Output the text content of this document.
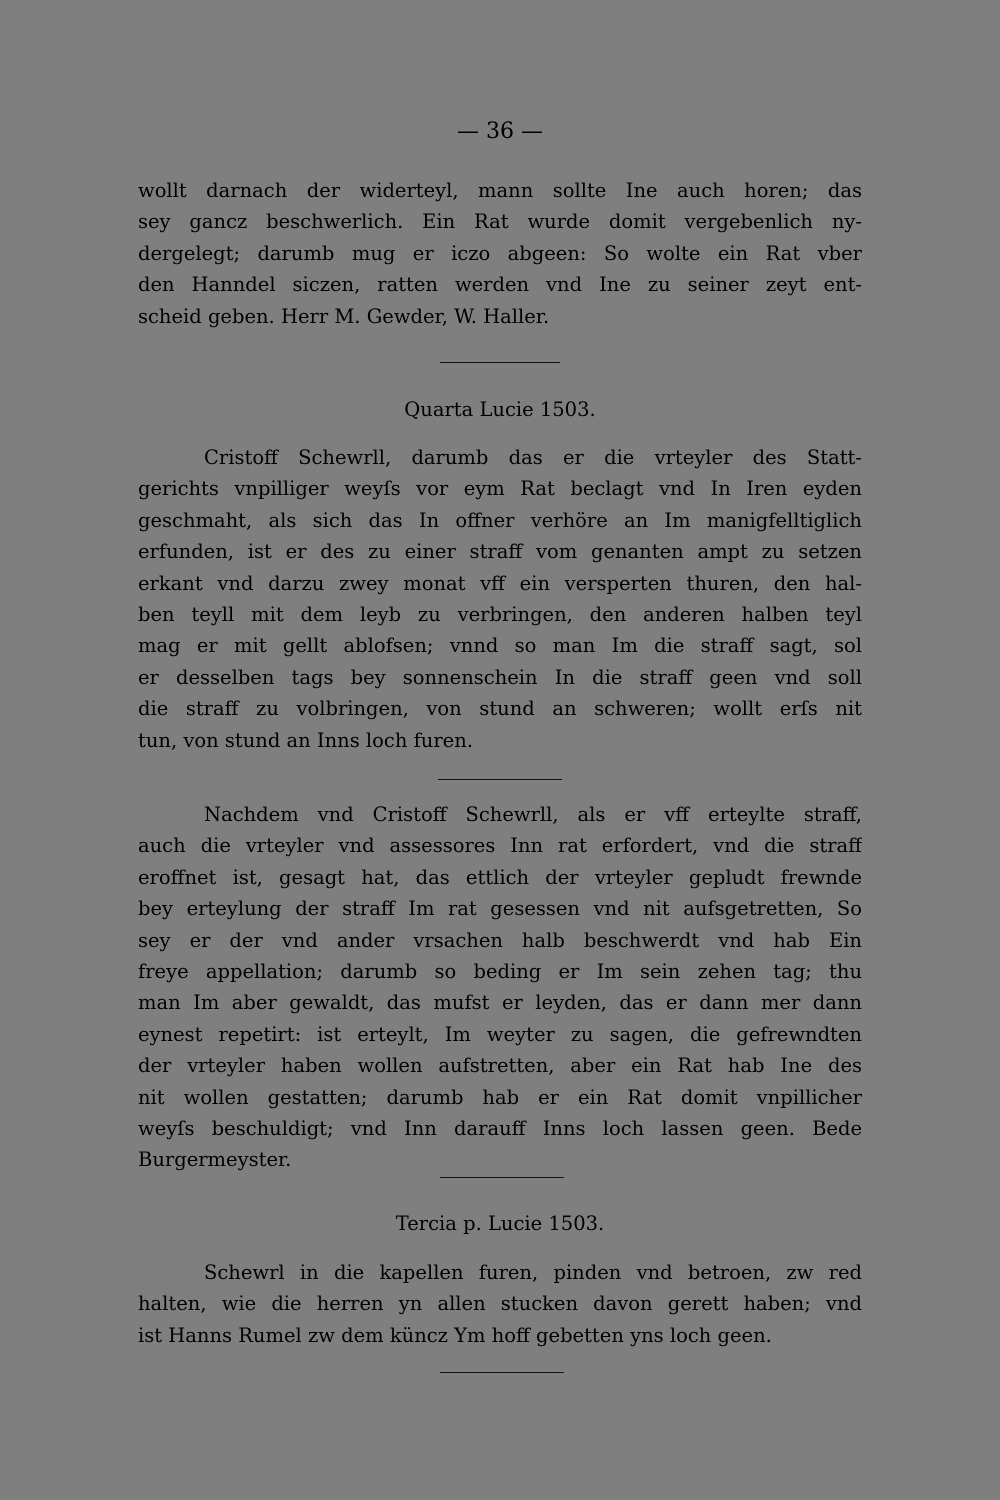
— 36 —
wollt darnach der widerteyl, mann sollte Ine auch horen; das
sey gancz beschwerlich. Ein Rat wurde domit vergebenlich ny-
dergelegt; darumb mug er iczo abgeen: So wolte ein Rat vber
den Hanndel siczen, ratten werden vnd Ine zu seiner zeyt ent-
scheid geben. Herr M. Gewder, W. Haller.
Quarta Lucie 1503.
Cristoff Schewrll, darumb das er die vrteyler des Statt-
gerichts vnpilliger weyſs vor eym Rat beclagt vnd In Iren eyden
geschmaht, als sich das In offner verhöre an Im manigfelltiglich
erfunden, ist er des zu einer straff vom genanten ampt zu setzen
erkant vnd darzu zwey monat vff ein versperten thuren, den hal-
ben teyll mit dem leyb zu verbringen, den anderen halben teyl
mag er mit gellt ablofsen; vnnd so man Im die straff sagt, sol
er desselben tags bey sonnenschein In die straff geen vnd soll
die straff zu volbringen, von stund an schweren; wollt erſs nit
tun, von stund an Inns loch furen.
Nachdem vnd Cristoff Schewrll, als er vff erteylte straff,
auch die vrteyler vnd assessores Inn rat erfordert, vnd die straff
eroffnet ist, gesagt hat, das ettlich der vrteyler gepludt frewnde
bey erteylung der straff Im rat gesessen vnd nit aufsgetretten, So
sey er der vnd ander vrsachen halb beschwerdt vnd hab Ein
freye appellation; darumb so beding er Im sein zehen tag; thu
man Im aber gewaldt, das mufst er leyden, das er dann mer dann
eynest repetirt: ist erteylt, Im weyter zu sagen, die gefrewndten
der vrteyler haben wollen aufstretten, aber ein Rat hab Ine des
nit wollen gestatten; darumb hab er ein Rat domit vnpillicher
weyſs beschuldigt; vnd Inn darauff Inns loch lassen geen. Bede
Burgermeyster.
Tercia p. Lucie 1503.
Schewrl in die kapellen furen, pinden vnd betroen, zw red
halten, wie die herren yn allen stucken davon gerett haben; vnd
ist Hanns Rumel zw dem küncz Ym hoff gebetten yns loch geen.
